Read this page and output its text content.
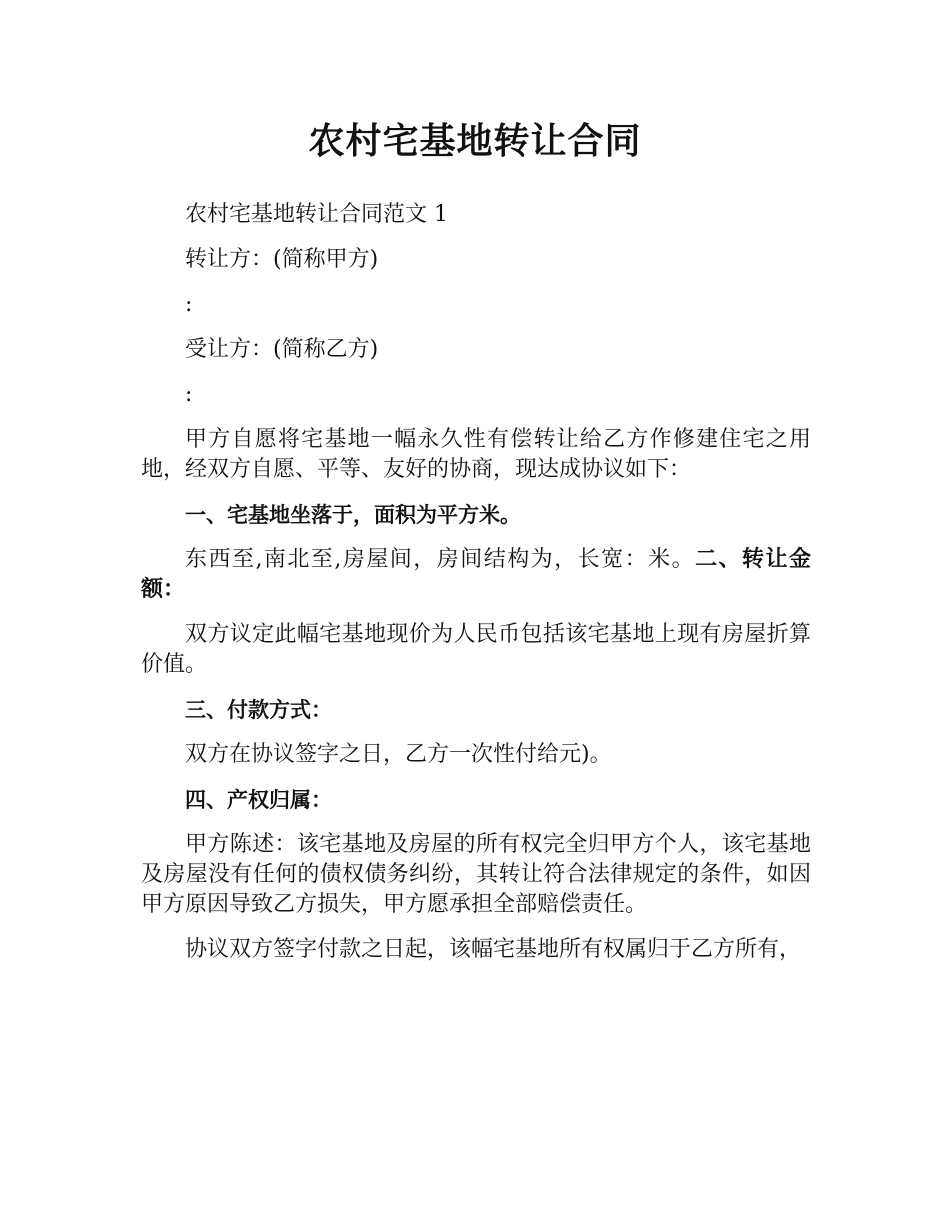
农村宅基地转让合同

农村宅基地转让合同范文 1

转让方：(简称甲方)

:

受让方：(简称乙方)

:

甲方自愿将宅基地一幅永久性有偿转让给乙方作修建住宅之用地，经双方自愿、平等、友好的协商，现达成协议如下：

一、宅基地坐落于，面积为平方米。

东西至,南北至,房屋间，房间结构为，长宽：米。二、转让金额：

双方议定此幅宅基地现价为人民币包括该宅基地上现有房屋折算价值。

三、付款方式：

双方在协议签字之日，乙方一次性付给元)。

四、产权归属：

甲方陈述：该宅基地及房屋的所有权完全归甲方个人，该宅基地及房屋没有任何的债权债务纠纷，其转让符合法律规定的条件，如因甲方原因导致乙方损失，甲方愿承担全部赔偿责任。

协议双方签字付款之日起，该幅宅基地所有权属归于乙方所有，
